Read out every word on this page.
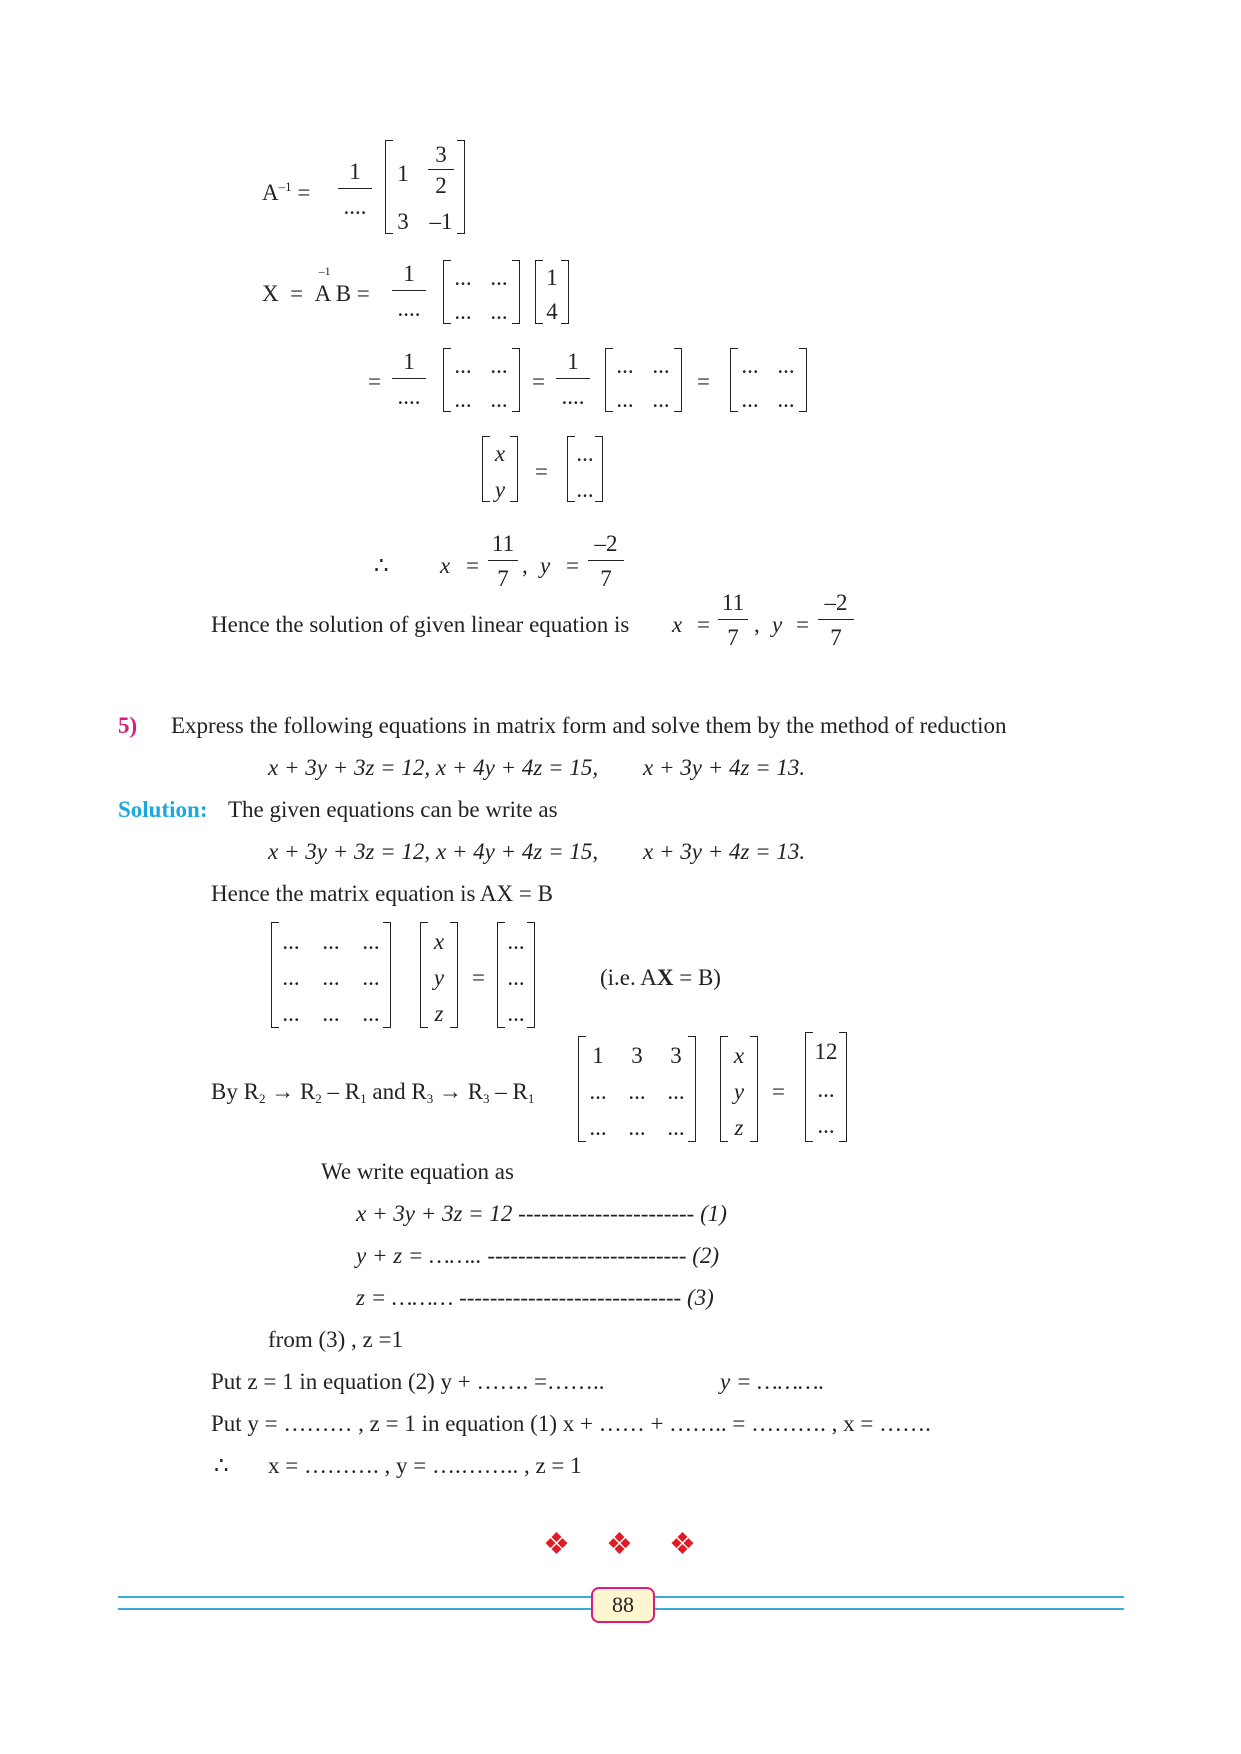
$A^{-1}$ =
1
....
1
3
2
3 –1
X =
–1
A B =
1
....
... ...
... ...
1
4
=
1
....
... ...
... ...
=
1
....
... ...
... ...
=
... ...
... ...
x
y
=
...
...
∴ x =
11
7
, y =
–2
7
Hence the solution of given linear equation is x =
11
7
, y =
–2
7
5) Express the following equations in matrix form and solve them by the method of reduction
x + 3y + 3z = 12, x + 4y + 4z = 15, x + 3y + 4z = 13.
Solution: The given equations can be write as
x + 3y + 3z = 12, x + 4y + 4z = 15, x + 3y + 4z = 13.
Hence the matrix equation is AX = B
... ... ...
... ... ...
... ... ...
x
y
z
=
...
...
...
(i.e. AX = B)
By $R_2 \to R_2 - R_1$ and $R_3 \to R_3 - R_1$
1	3	3
... ... ...
... ... ...
x
y
z
=
12
...
...
We write equation as
x + 3y + 3z = 12 ----------------------- (1)
y + z = …….. -------------------------- (2)
z = ……… ----------------------------- (3)
from (3) , z =1
Put z = 1 in equation (2) y + ……. =……..	y = ……….
Put y = ……… , z = 1 in equation (1) x + …… + …….. = ………. , x = …….
∴ x = ………. , y = ….…….. , z = 1
❖ ❖ ❖
88
